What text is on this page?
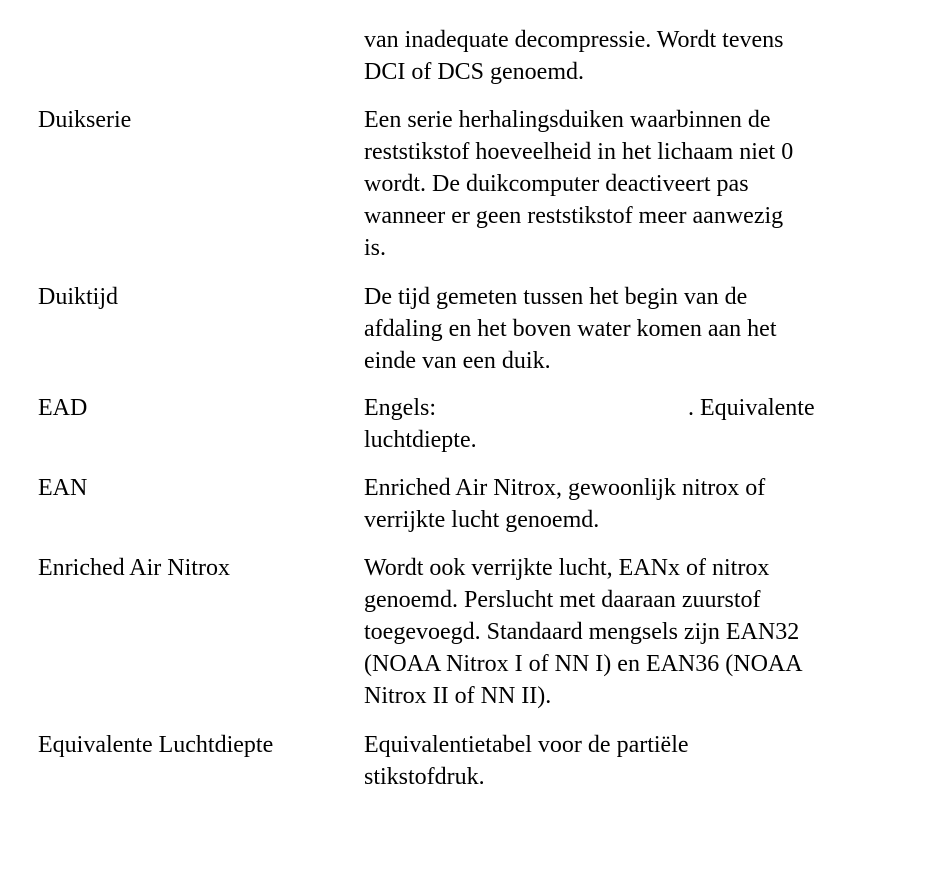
van inadequate decompressie. Wordt tevens
DCI of DCS genoemd.
Duikserie	Een serie herhalingsduiken waarbinnen de
reststikstof hoeveelheid in het lichaam niet 0
wordt. De duikcomputer deactiveert pas
wanneer er geen reststikstof meer aanwezig
is.
Duiktijd	De tijd gemeten tussen het begin van de
afdaling en het boven water komen aan het
einde van een duik.
EAD	Engels:	. Equivalente
luchtdiepte.
EAN	Enriched Air Nitrox, gewoonlijk nitrox of
verrijkte lucht genoemd.
Enriched Air Nitrox	Wordt ook verrijkte lucht, EANx of nitrox
genoemd. Perslucht met daaraan zuurstof
toegevoegd. Standaard mengsels zijn EAN32
(NOAA Nitrox I of NN I) en EAN36 (NOAA
Nitrox II of NN II).
Equivalente Luchtdiepte	Equivalentietabel voor de partiële
stikstofdruk.
